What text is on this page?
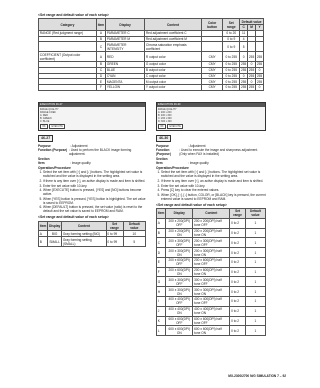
<Set range and default value of each setup>
Category	Item	Display	Content	Color button	Set range	Default value		
						C	M	Y
RANGE (Red judgment range)	A	PARAMETER C	Red adjustment coefficient C		0 to 20	11		
	B	PARAMETER M	Red adjustment coefficient M		0 to 9	4		
	C	PARAMETER INTENSITY	Chroma saturation emphasis coefficient		0 to 9	5		
COEFFICIENT (Output color coefficient)	A	RED	R output color	CMY	0 to 255	0	255	255
	B	GREEN	G output color	CMY	0 to 255	255	0	255
	C	BLUE	B output color	CMY	0 to 255	255	255	0
	D	CYAN	C output color	CMY	0 to 255	0	255	255
	E	MAGENTA	M output color	CMY	0 to 255	255	0	255
	F	YELLOW	Y output color	CMY	0 to 255	255	255	0
EXECUTION 46-27
IMAGE QUALITY
RANGE COEF.
A: RED
B: GREEN
C: BLUE
OK EXECUTE
46-27
Purpose	: Adjustment
Function (Purpose) : Used to perform the BLACK image forming adjustment.
Section
Item	: Image quality
Operation/Procedure
1. Select the set item with [↑] and [↓] buttons. The highlighted set value is switched and the value is displayed in the setting area.
2. If there is any item over [↑], an active display is made and item is shifted.
3. Enter the set value with 10-key.
4. When [EXECUTE] button is pressed, [YES] and [NO] buttons become active.
5. When [YES] button is pressed, [YES] button is highlighted. The set value is saved to EEPROM.
6. When [DEFAULT] button is pressed, the set value (ratio) is reset to the default and the set value is saved to EEPROM and RAM.
<Set range and default value of each setup>
Item	Display	Content	Set range	Default value
A	BIG	Gray forming setting (BIG)	0 to 99	10
B	SMALL	Gray forming setting (SMALL)	0 to 99	5
EXECUTION 46-30
IMAGE QUALITY
A: 200 x 200
B: 200 x 300
C: 200 x 600
D: 300 x 300
OK EXECUTE
46-30
Purpose	: Adjustment
Function (Purpose)
: Used to execute the image and sharpness adjustment. (Only when FAX is installed)
Section
Item	: Image quality
Operation/Procedure
1. Select the set item with [↑] and [↓] buttons. The highlighted set value is switched and the value is displayed in the setting area.
2. If there is any item over [↑], an active display is made and item is shifted.
3. Enter the set value with 10-key.
4. Press [C] key to clear the entered values.
5. When [OK], [↑], [↓] button, COLOR, or [BLACK] key is pressed, the current entered value is saved to EEPROM and RAM.
<Set range and default value of each setup>
Item	Display	Content	Set range	Default value
A	200 x 200(DPI) OFF	200 x 200(DPI) half tone OFF	0 to 2	1
B	200 x 200(DPI) ON	200 x 200(DPI) half tone ON	0 to 2	1
C	200 x 300(DPI) OFF	200 x 300(DPI) half tone OFF	0 to 2	1
D	200 x 300(DPI) ON	200 x 300(DPI) half tone ON	0 to 2	1
E	200 x 600(DPI) OFF	200 x 600(DPI) half tone OFF	0 to 2	1
F	200 x 600(DPI) ON	200 x 600(DPI) half tone ON	0 to 2	1
G	300 x 300(DPI) OFF	300 x 300(DPI) half tone OFF	0 to 2	1
H	300 x 300(DPI) ON	300 x 300(DPI) half tone ON	0 to 2	1
I	400 x 400(DPI) OFF	400 x 400(DPI) half tone OFF	0 to 2	1
J	400 x 400(DPI) ON	400 x 400(DPI) half tone ON	0 to 2	1
K	600 x 600(DPI) OFF	600 x 600(DPI) half tone OFF	0 to 2	1
L	600 x 600(DPI) ON	600 x 600(DPI) half tone ON	0 to 2	1
MX-2300/2700 N/G SIMULATION 7 – 92
